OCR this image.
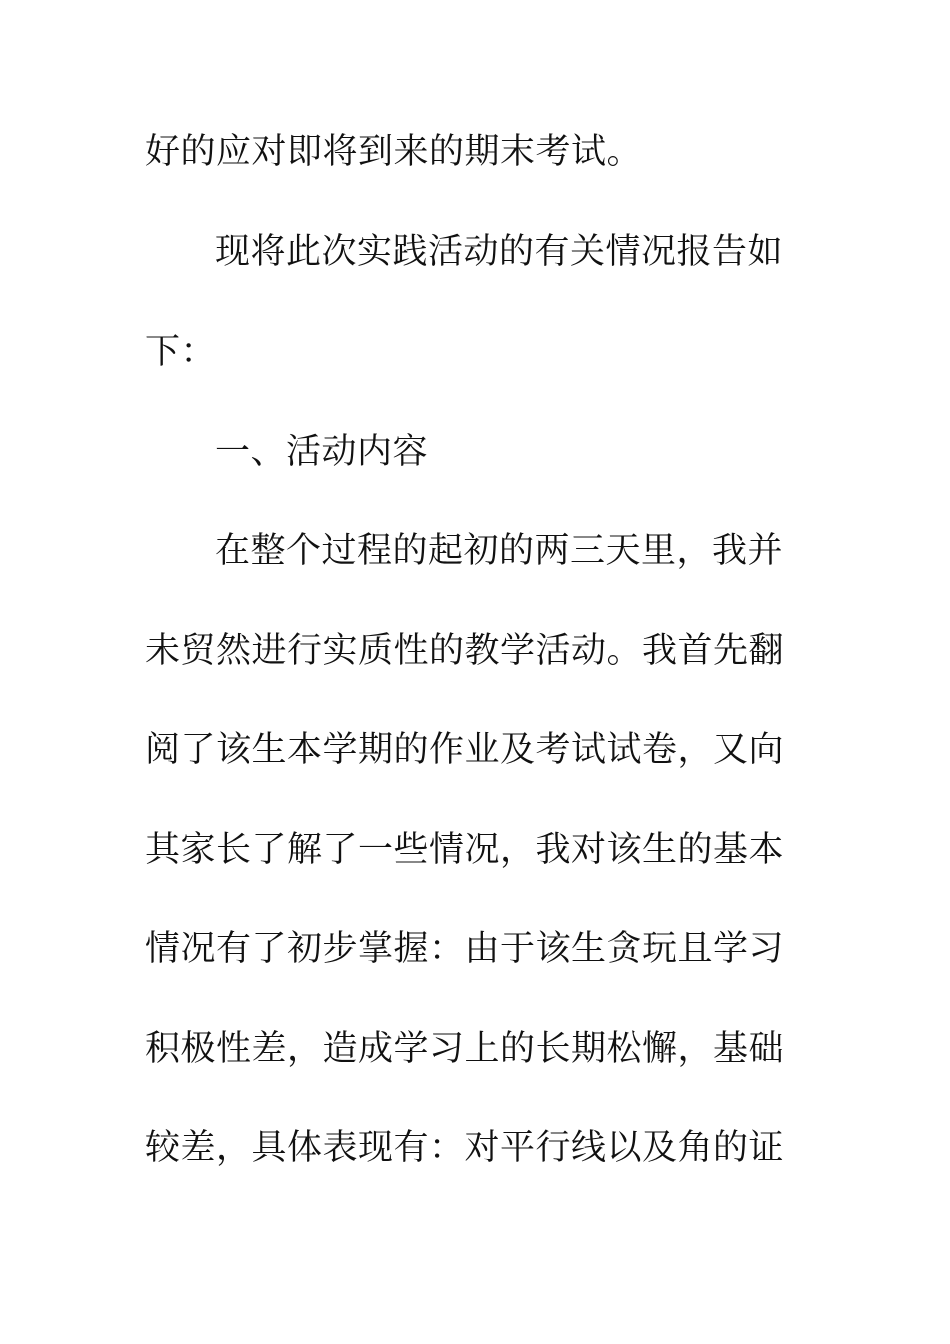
好的应对即将到来的期末考试。
现将此次实践活动的有关情况报告如
下：
一、活动内容
在整个过程的起初的两三天里，我并
未贸然进行实质性的教学活动。我首先翻
阅了该生本学期的作业及考试试卷，又向
其家长了解了一些情况，我对该生的基本
情况有了初步掌握：由于该生贪玩且学习
积极性差，造成学习上的长期松懈，基础
较差，具体表现有：对平行线以及角的证
